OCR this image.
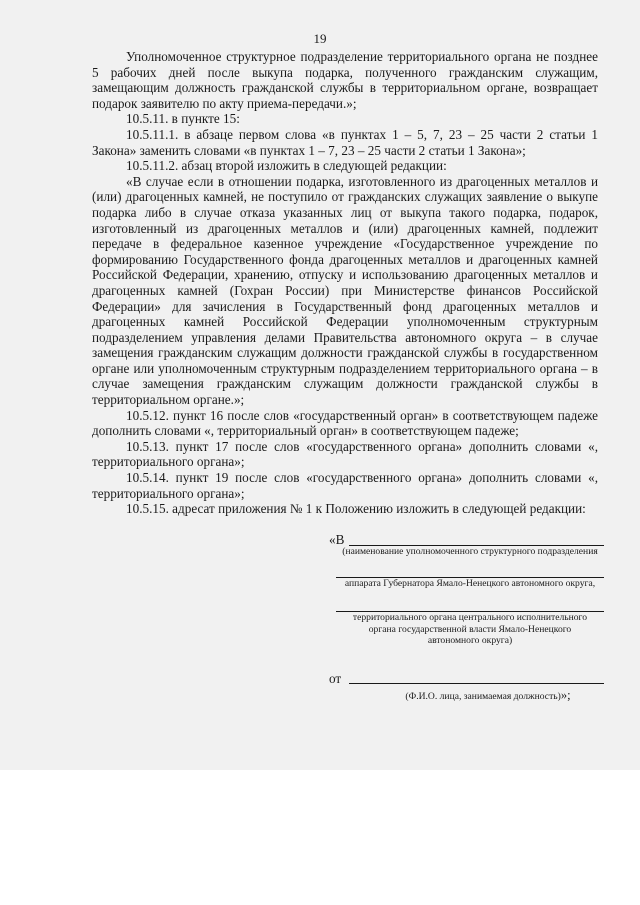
19

Уполномоченное структурное подразделение территориального органа не позднее 5 рабочих дней после выкупа подарка, полученного гражданским служащим, замещающим должность гражданской службы в территориальном органе, возвращает подарок заявителю по акту приема-передачи.»;

10.5.11. в пункте 15:

10.5.11.1. в абзаце первом слова «в пунктах 1 – 5, 7, 23 – 25 части 2 статьи 1 Закона» заменить словами «в пунктах 1 – 7, 23 – 25 части 2 статьи 1 Закона»;

10.5.11.2. абзац второй изложить в следующей редакции:

«В случае если в отношении подарка, изготовленного из драгоценных металлов и (или) драгоценных камней, не поступило от гражданских служащих заявление о выкупе подарка либо в случае отказа указанных лиц от выкупа такого подарка, подарок, изготовленный из драгоценных металлов и (или) драгоценных камней, подлежит передаче в федеральное казенное учреждение «Государственное учреждение по формированию Государственного фонда драгоценных металлов и драгоценных камней Российской Федерации, хранению, отпуску и использованию драгоценных металлов и драгоценных камней (Гохран России) при Министерстве финансов Российской Федерации» для зачисления в Государственный фонд драгоценных металлов и драгоценных камней Российской Федерации уполномоченным структурным подразделением управления делами Правительства автономного округа – в случае замещения гражданским служащим должности гражданской службы в государственном органе или уполномоченным структурным подразделением территориального органа – в случае замещения гражданским служащим должности гражданской службы в территориальном органе.»;

10.5.12. пункт 16 после слов «государственный орган» в соответствующем падеже дополнить словами «, территориальный орган» в соответствующем падеже;

10.5.13. пункт 17 после слов «государственного органа» дополнить словами «, территориального органа»;

10.5.14. пункт 19 после слов «государственного органа» дополнить словами «, территориального органа»;

10.5.15. адресат приложения № 1 к Положению изложить в следующей редакции:

«В
(наименование уполномоченного структурного подразделения
аппарата Губернатора Ямало-Ненецкого автономного округа,
территориального органа центрального исполнительного органа государственной власти Ямало-Ненецкого автономного округа)
от
(Ф.И.О. лица, занимаемая должность)»;
